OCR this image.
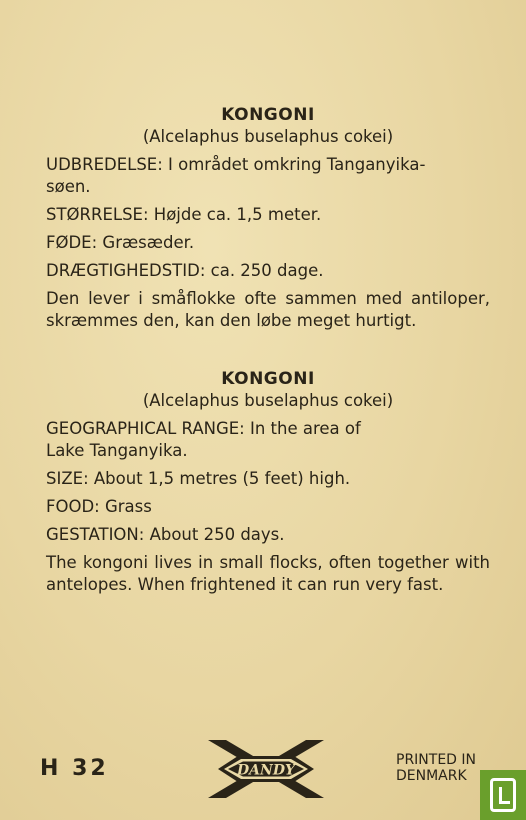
KONGONI

(Alcelaphus buselaphus cokei)

UDBREDELSE: I området omkring Tanganyika-
søen.

STØRRELSE: Højde ca. 1,5 meter.

FØDE: Græsæder.

DRÆGTIGHEDSTID: ca. 250 dage.

Den lever i småflokke ofte sammen med antiloper, skræmmes den, kan den løbe meget hurtigt.

KONGONI

(Alcelaphus buselaphus cokei)

GEOGRAPHICAL RANGE: In the area of
Lake Tanganyika.

SIZE: About 1,5 metres (5 feet) high.

FOOD: Grass

GESTATION: About 250 days.

The kongoni lives in small flocks, often together with antelopes. When frightened it can run very fast.

H 32	DANDY
PRINTED IN
DENMARK
